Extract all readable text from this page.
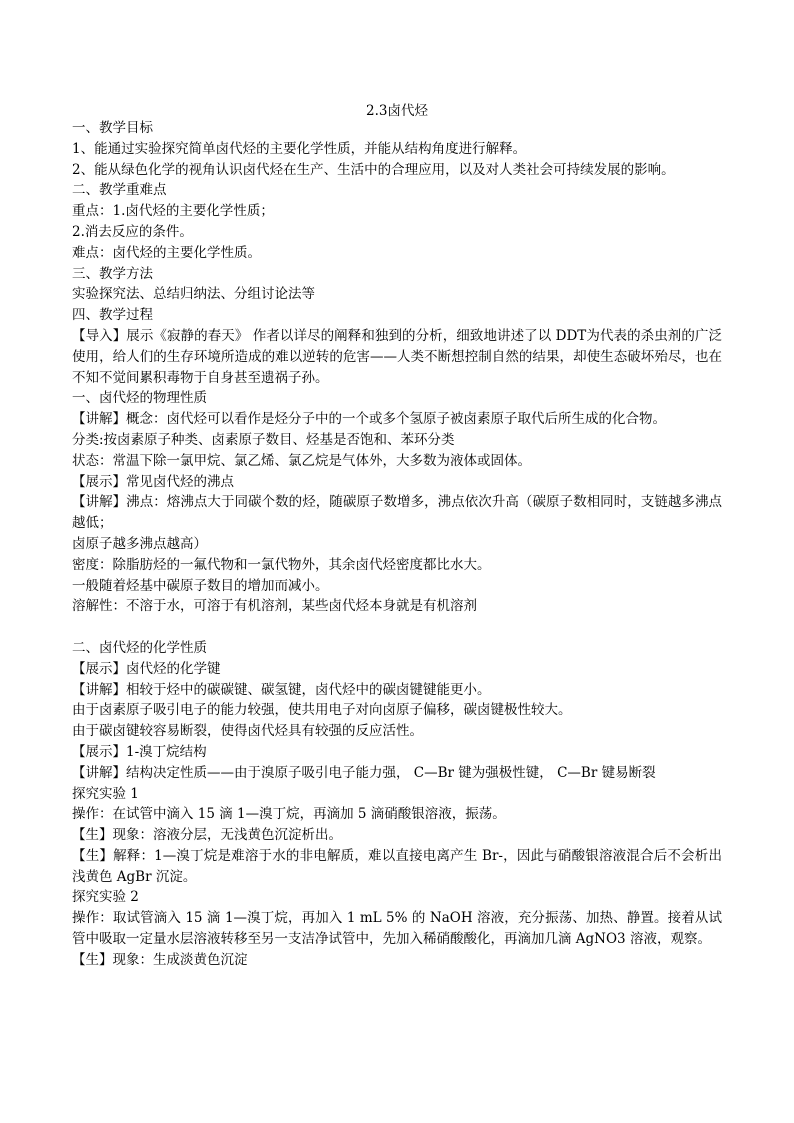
2.3卤代烃

一、教学目标

1、能通过实验探究简单卤代烃的主要化学性质，并能从结构角度进行解释。

2、能从绿色化学的视角认识卤代烃在生产、生活中的合理应用，以及对人类社会可持续发展的影响。

二、教学重难点

重点：1.卤代烃的主要化学性质；

2.消去反应的条件。

难点：卤代烃的主要化学性质。

三、教学方法

实验探究法、总结归纳法、分组讨论法等

四、教学过程

【导入】展示《寂静的春天》 作者以详尽的阐释和独到的分析，细致地讲述了以 DDT为代表的杀虫剂的广泛使用，给人们的生存环境所造成的难以逆转的危害——人类不断想控制自然的结果，却使生态破坏殆尽，也在不知不觉间累积毒物于自身甚至遗祸子孙。

一、卤代烃的物理性质

【讲解】概念：卤代烃可以看作是烃分子中的一个或多个氢原子被卤素原子取代后所生成的化合物。

分类:按卤素原子种类、卤素原子数目、烃基是否饱和、苯环分类

状态：常温下除一氯甲烷、氯乙烯、氯乙烷是气体外，大多数为液体或固体。

【展示】常见卤代烃的沸点

【讲解】沸点：熔沸点大于同碳个数的烃，随碳原子数增多，沸点依次升高（碳原子数相同时，支链越多沸点越低；

卤原子越多沸点越高）

密度：除脂肪烃的一氟代物和一氯代物外，其余卤代烃密度都比水大。

一般随着烃基中碳原子数目的增加而减小。

溶解性：不溶于水，可溶于有机溶剂，某些卤代烃本身就是有机溶剂

二、卤代烃的化学性质

【展示】卤代烃的化学键

【讲解】相较于烃中的碳碳键、碳氢键，卤代烃中的碳卤键键能更小。

由于卤素原子吸引电子的能力较强，使共用电子对向卤原子偏移，碳卤键极性较大。

由于碳卤键较容易断裂，使得卤代烃具有较强的反应活性。

【展示】1-溴丁烷结构

【讲解】结构决定性质——由于溴原子吸引电子能力强， C—Br 键为强极性键， C—Br 键易断裂

探究实验 1

操作：在试管中滴入 15 滴 1—溴丁烷，再滴加 5 滴硝酸银溶液，振荡。

【生】现象：溶液分层，无浅黄色沉淀析出。

【生】解释：1—溴丁烷是难溶于水的非电解质，难以直接电离产生 Br-，因此与硝酸银溶液混合后不会析出浅黄色 AgBr 沉淀。

探究实验 2

操作：取试管滴入 15 滴 1—溴丁烷，再加入 1 mL 5% 的 NaOH 溶液，充分振荡、加热、静置。接着从试管中吸取一定量水层溶液转移至另一支洁净试管中，先加入稀硝酸酸化，再滴加几滴 AgNO3 溶液，观察。

【生】现象：生成淡黄色沉淀
